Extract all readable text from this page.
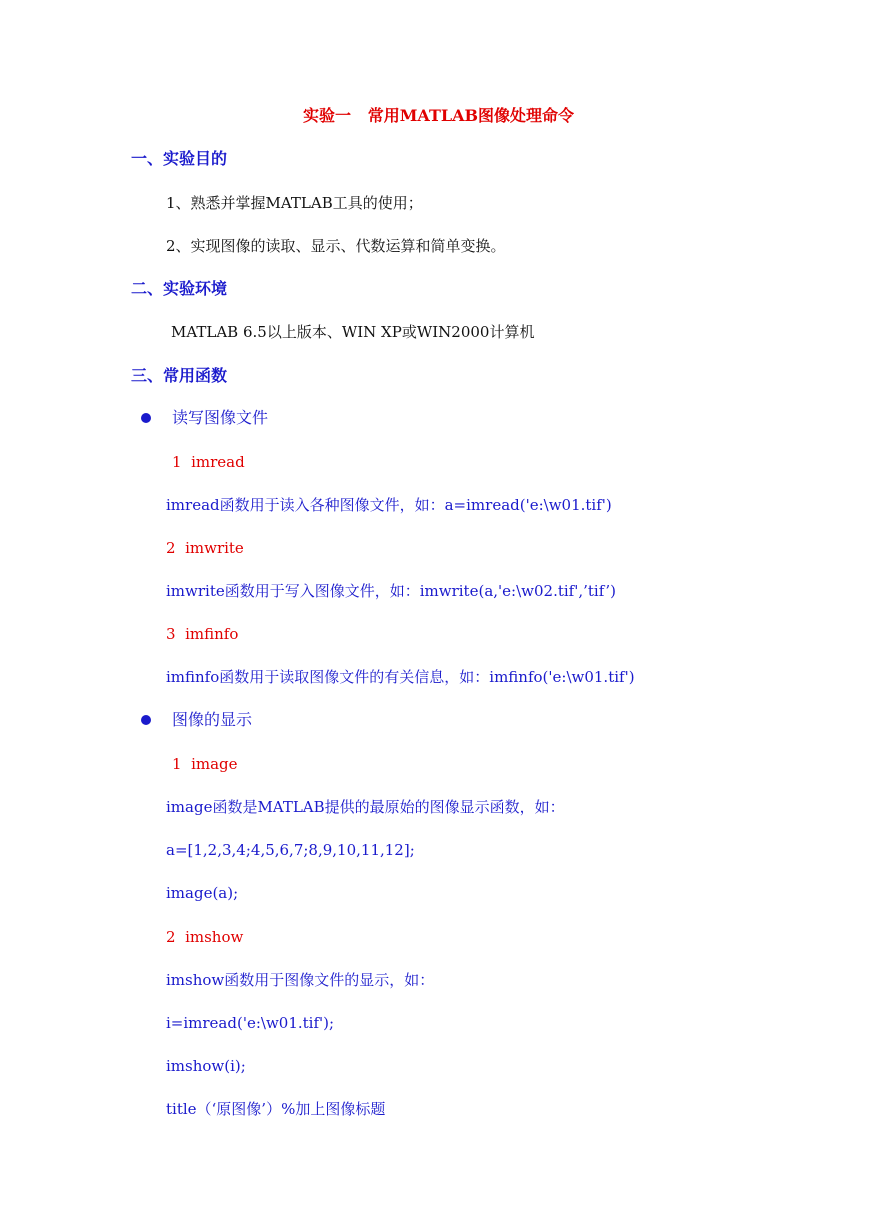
实验一   常用MATLAB图像处理命令
一、实验目的
1、熟悉并掌握MATLAB工具的使用；
2、实现图像的读取、显示、代数运算和简单变换。
二、实验环境
MATLAB 6.5以上版本、WIN XP或WIN2000计算机
三、常用函数
读写图像文件
1  imread
imread函数用于读入各种图像文件，如：a=imread('e:\w01.tif')
2  imwrite
imwrite函数用于写入图像文件，如：imwrite(a,'e:\w02.tif',’tif’)
3  imfinfo
imfinfo函数用于读取图像文件的有关信息，如：imfinfo('e:\w01.tif')
图像的显示
1  image
image函数是MATLAB提供的最原始的图像显示函数，如：
a=[1,2,3,4;4,5,6,7;8,9,10,11,12];
image(a);
2  imshow
imshow函数用于图像文件的显示，如：
i=imread('e:\w01.tif');
imshow(i);
title（‘原图像’）%加上图像标题
